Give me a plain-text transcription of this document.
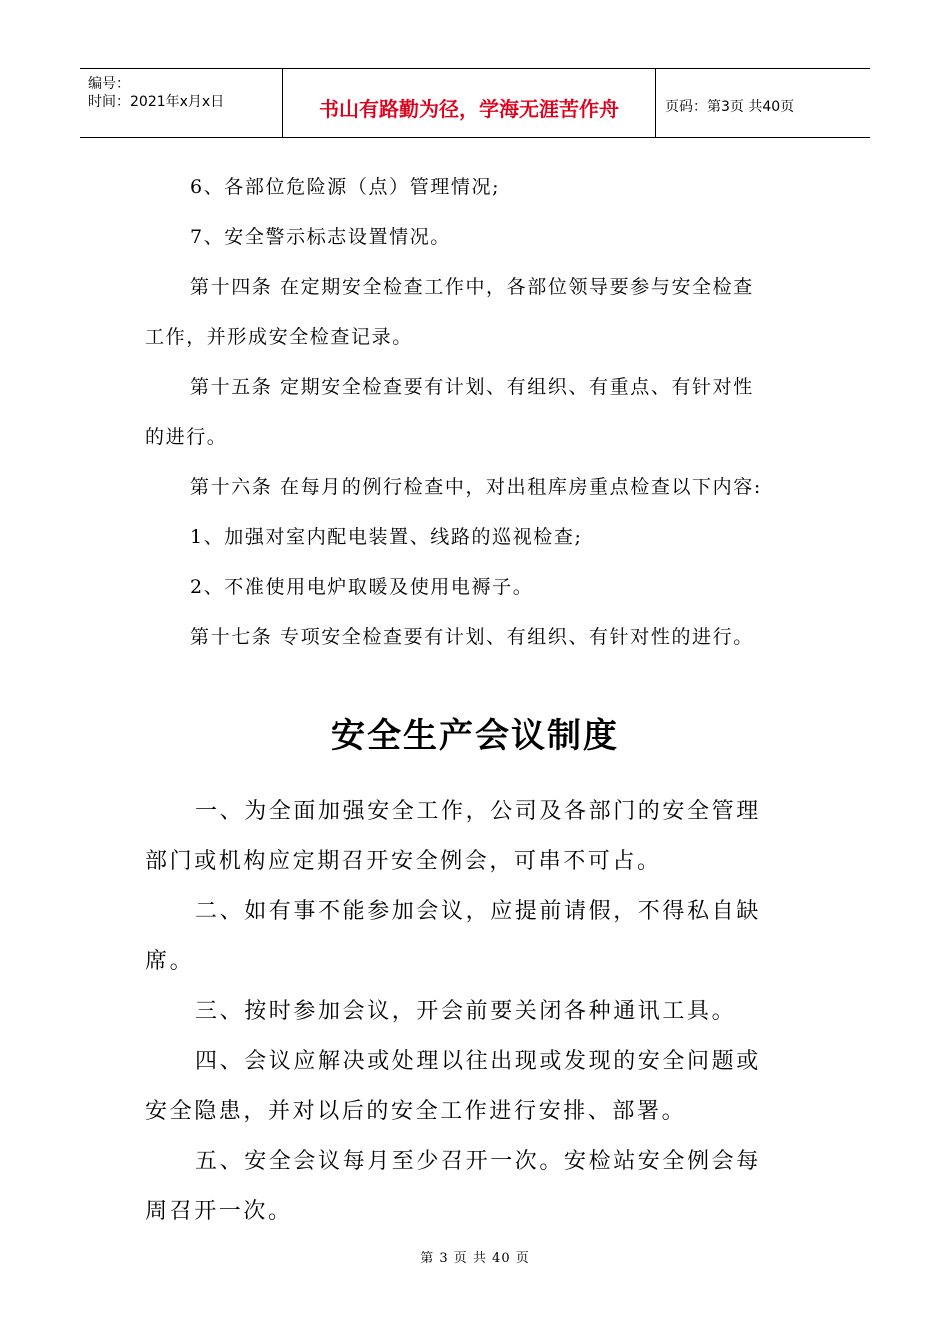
编号：
时间：2021年x月x日	书山有路勤为径，学海无涯苦作舟	页码：第3页 共40页
6、各部位危险源（点）管理情况;
7、安全警示标志设置情况。
第十四条 在定期安全检查工作中，各部位领导要参与安全检查
工作，并形成安全检查记录。
第十五条 定期安全检查要有计划、有组织、有重点、有针对性
的进行。
第十六条 在每月的例行检查中，对出租库房重点检查以下内容:
1、加强对室内配电装置、线路的巡视检查;
2、不准使用电炉取暖及使用电褥子。
第十七条 专项安全检查要有计划、有组织、有针对性的进行。
安全生产会议制度
一、为全面加强安全工作，公司及各部门的安全管理
部门或机构应定期召开安全例会，可串不可占。
二、如有事不能参加会议，应提前请假，不得私自缺
席。
三、按时参加会议，开会前要关闭各种通讯工具。
四、会议应解决或处理以往出现或发现的安全问题或
安全隐患，并对以后的安全工作进行安排、部署。
五、安全会议每月至少召开一次。安检站安全例会每
周召开一次。
第 3 页 共 40 页
